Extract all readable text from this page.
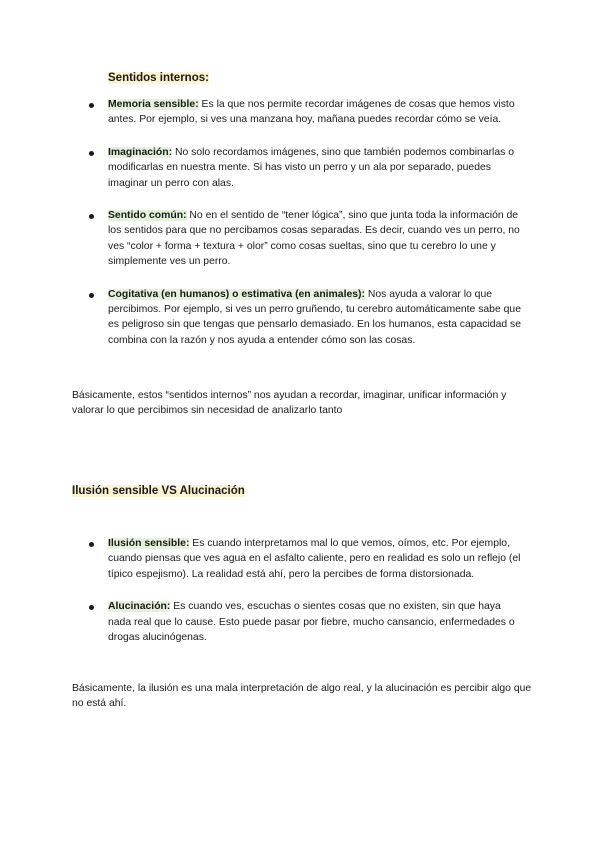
Sentidos internos:
Memoria sensible: Es la que nos permite recordar imágenes de cosas que hemos visto antes. Por ejemplo, si ves una manzana hoy, mañana puedes recordar cómo se veía.
Imaginación: No solo recordamos imágenes, sino que también podemos combinarlas o modificarlas en nuestra mente. Si has visto un perro y un ala por separado, puedes imaginar un perro con alas.
Sentido común: No en el sentido de “tener lógica”, sino que junta toda la información de los sentidos para que no percibamos cosas separadas. Es decir, cuando ves un perro, no ves “color + forma + textura + olor” como cosas sueltas, sino que tu cerebro lo une y simplemente ves un perro.
Cogitativa (en humanos) o estimativa (en animales): Nos ayuda a valorar lo que percibimos. Por ejemplo, si ves un perro gruñendo, tu cerebro automáticamente sabe que es peligroso sin que tengas que pensarlo demasiado. En los humanos, esta capacidad se combina con la razón y nos ayuda a entender cómo son las cosas.

Básicamente, estos “sentidos internos” nos ayudan a recordar, imaginar, unificar información y valorar lo que percibimos sin necesidad de analizarlo tanto

Ilusión sensible VS Alucinación
Ilusión sensible: Es cuando interpretamos mal lo que vemos, oímos, etc. Por ejemplo, cuando piensas que ves agua en el asfalto caliente, pero en realidad es solo un reflejo (el típico espejismo). La realidad está ahí, pero la percibes de forma distorsionada.
Alucinación: Es cuando ves, escuchas o sientes cosas que no existen, sin que haya nada real que lo cause. Esto puede pasar por fiebre, mucho cansancio, enfermedades o drogas alucinógenas.

Básicamente, la ilusión es una mala interpretación de algo real, y la alucinación es percibir algo que no está ahí.
